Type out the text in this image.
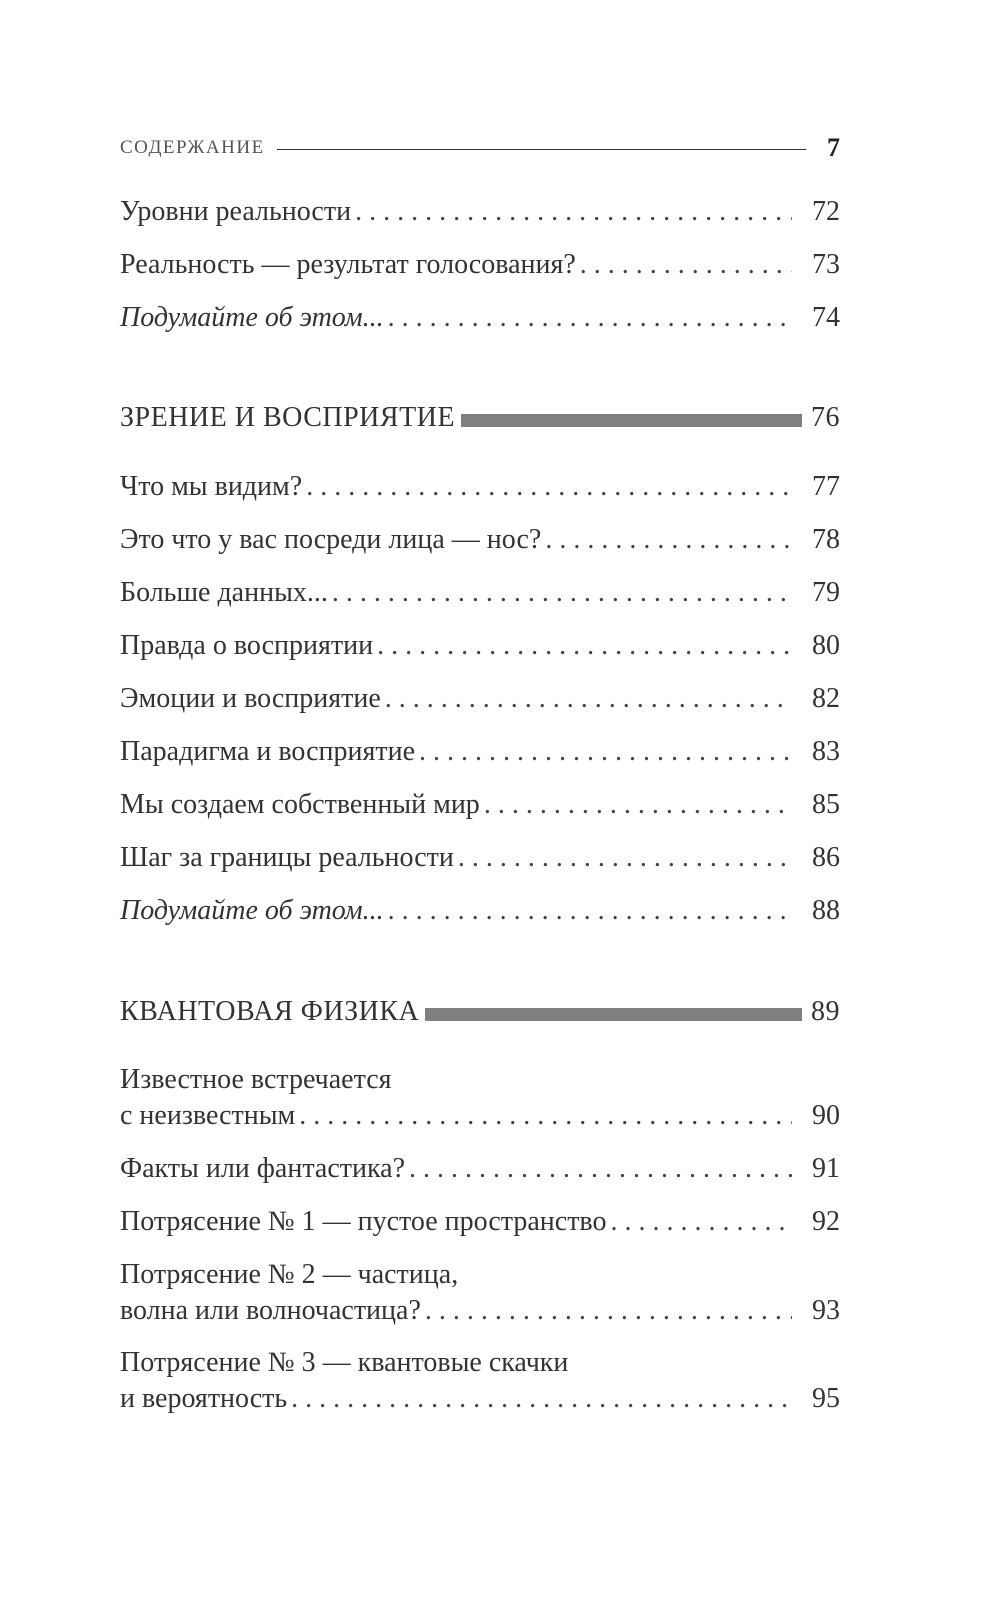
СОДЕРЖАНИЕ	7
Уровни реальности . . .	72
Реальность — результат голосования? . . .	73
Подумайте об этом... . . .	74
ЗРЕНИЕ И ВОСПРИЯТИЕ	76
Что мы видим? . . .	77
Это что у вас посреди лица — нос? . . .	78
Больше данных... . . .	79
Правда о восприятии . . .	80
Эмоции и восприятие . . .	82
Парадигма и восприятие . . .	83
Мы создаем собственный мир . . .	85
Шаг за границы реальности . . .	86
Подумайте об этом... . . .	88
КВАНТОВАЯ ФИЗИКА	89
Известное встречается
с неизвестным . . .	90
Факты или фантастика? . . .	91
Потрясение № 1 — пустое пространство . . .	92
Потрясение № 2 — частица,
волна или волночастица? . . .	93
Потрясение № 3 — квантовые скачки
и вероятность . . .	95
